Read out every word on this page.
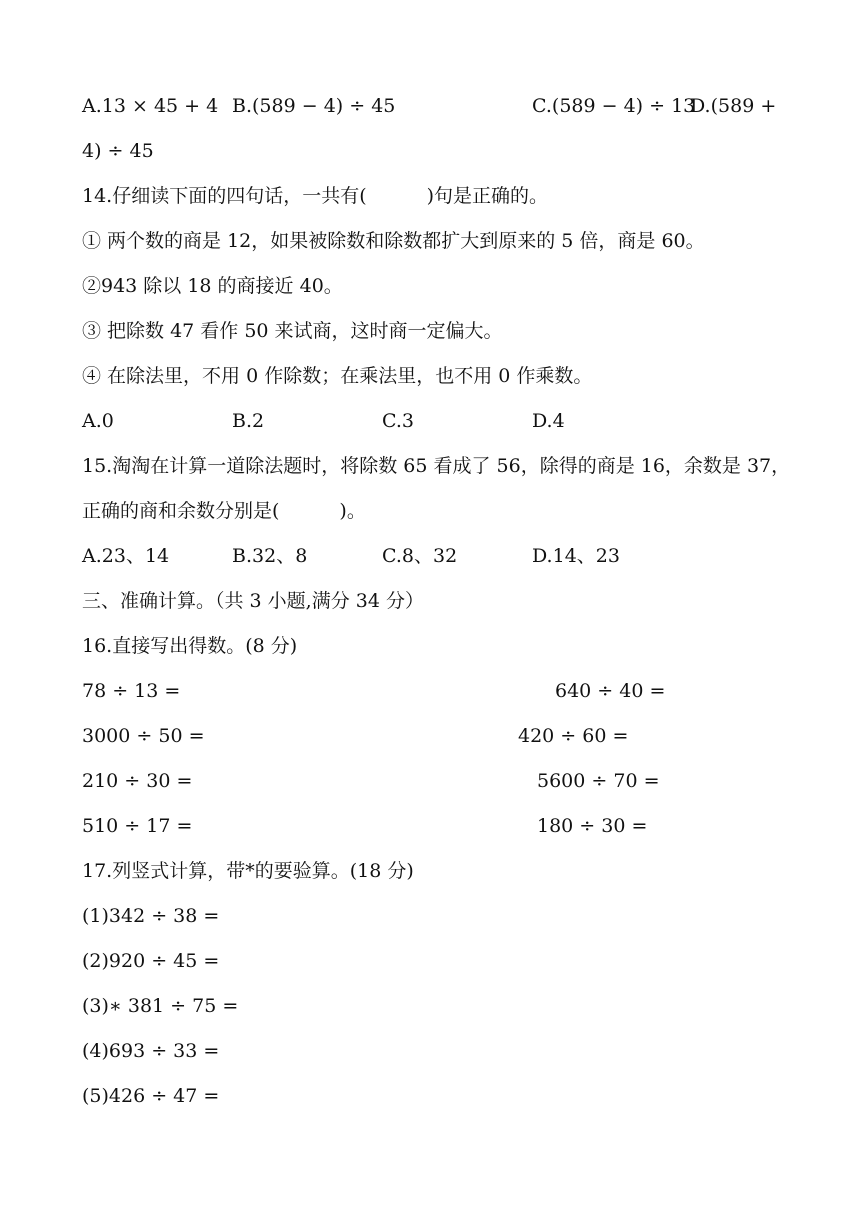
A.13 × 45 + 4 B.(589 − 4) ÷ 45	C.(589 − 4) ÷ 13
D.(589 +
4) ÷ 45
14.仔细读下面的四句话，一共有(	)句是正确的。
① 两个数的商是 12，如果被除数和除数都扩大到原来的 5 倍，商是 60。
②943 除以 18 的商接近 40。
③ 把除数 47 看作 50 来试商，这时商一定偏大。
④ 在除法里，不用 0 作除数；在乘法里，也不用 0 作乘数。
A.0	B.2	C.3	D.4
15.淘淘在计算一道除法题时，将除数 65 看成了 56，除得的商是 16，余数是 37，
正确的商和余数分别是(	)。
A.23、14	B.32、8	C.8、32	D.14、23
三、准确计算。（共 3 小题,满分 34 分）
16.直接写出得数。(8 分)
78 ÷ 13 =	640 ÷ 40 =
3000 ÷ 50 =	420 ÷ 60 =
210 ÷ 30 =	5600 ÷ 70 =
510 ÷ 17 =	180 ÷ 30 =
17.列竖式计算，带*的要验算。(18 分)
(1)342 ÷ 38 =
(2)920 ÷ 45 =
(3)∗ 381 ÷ 75 =
(4)693 ÷ 33 =
(5)426 ÷ 47 =
